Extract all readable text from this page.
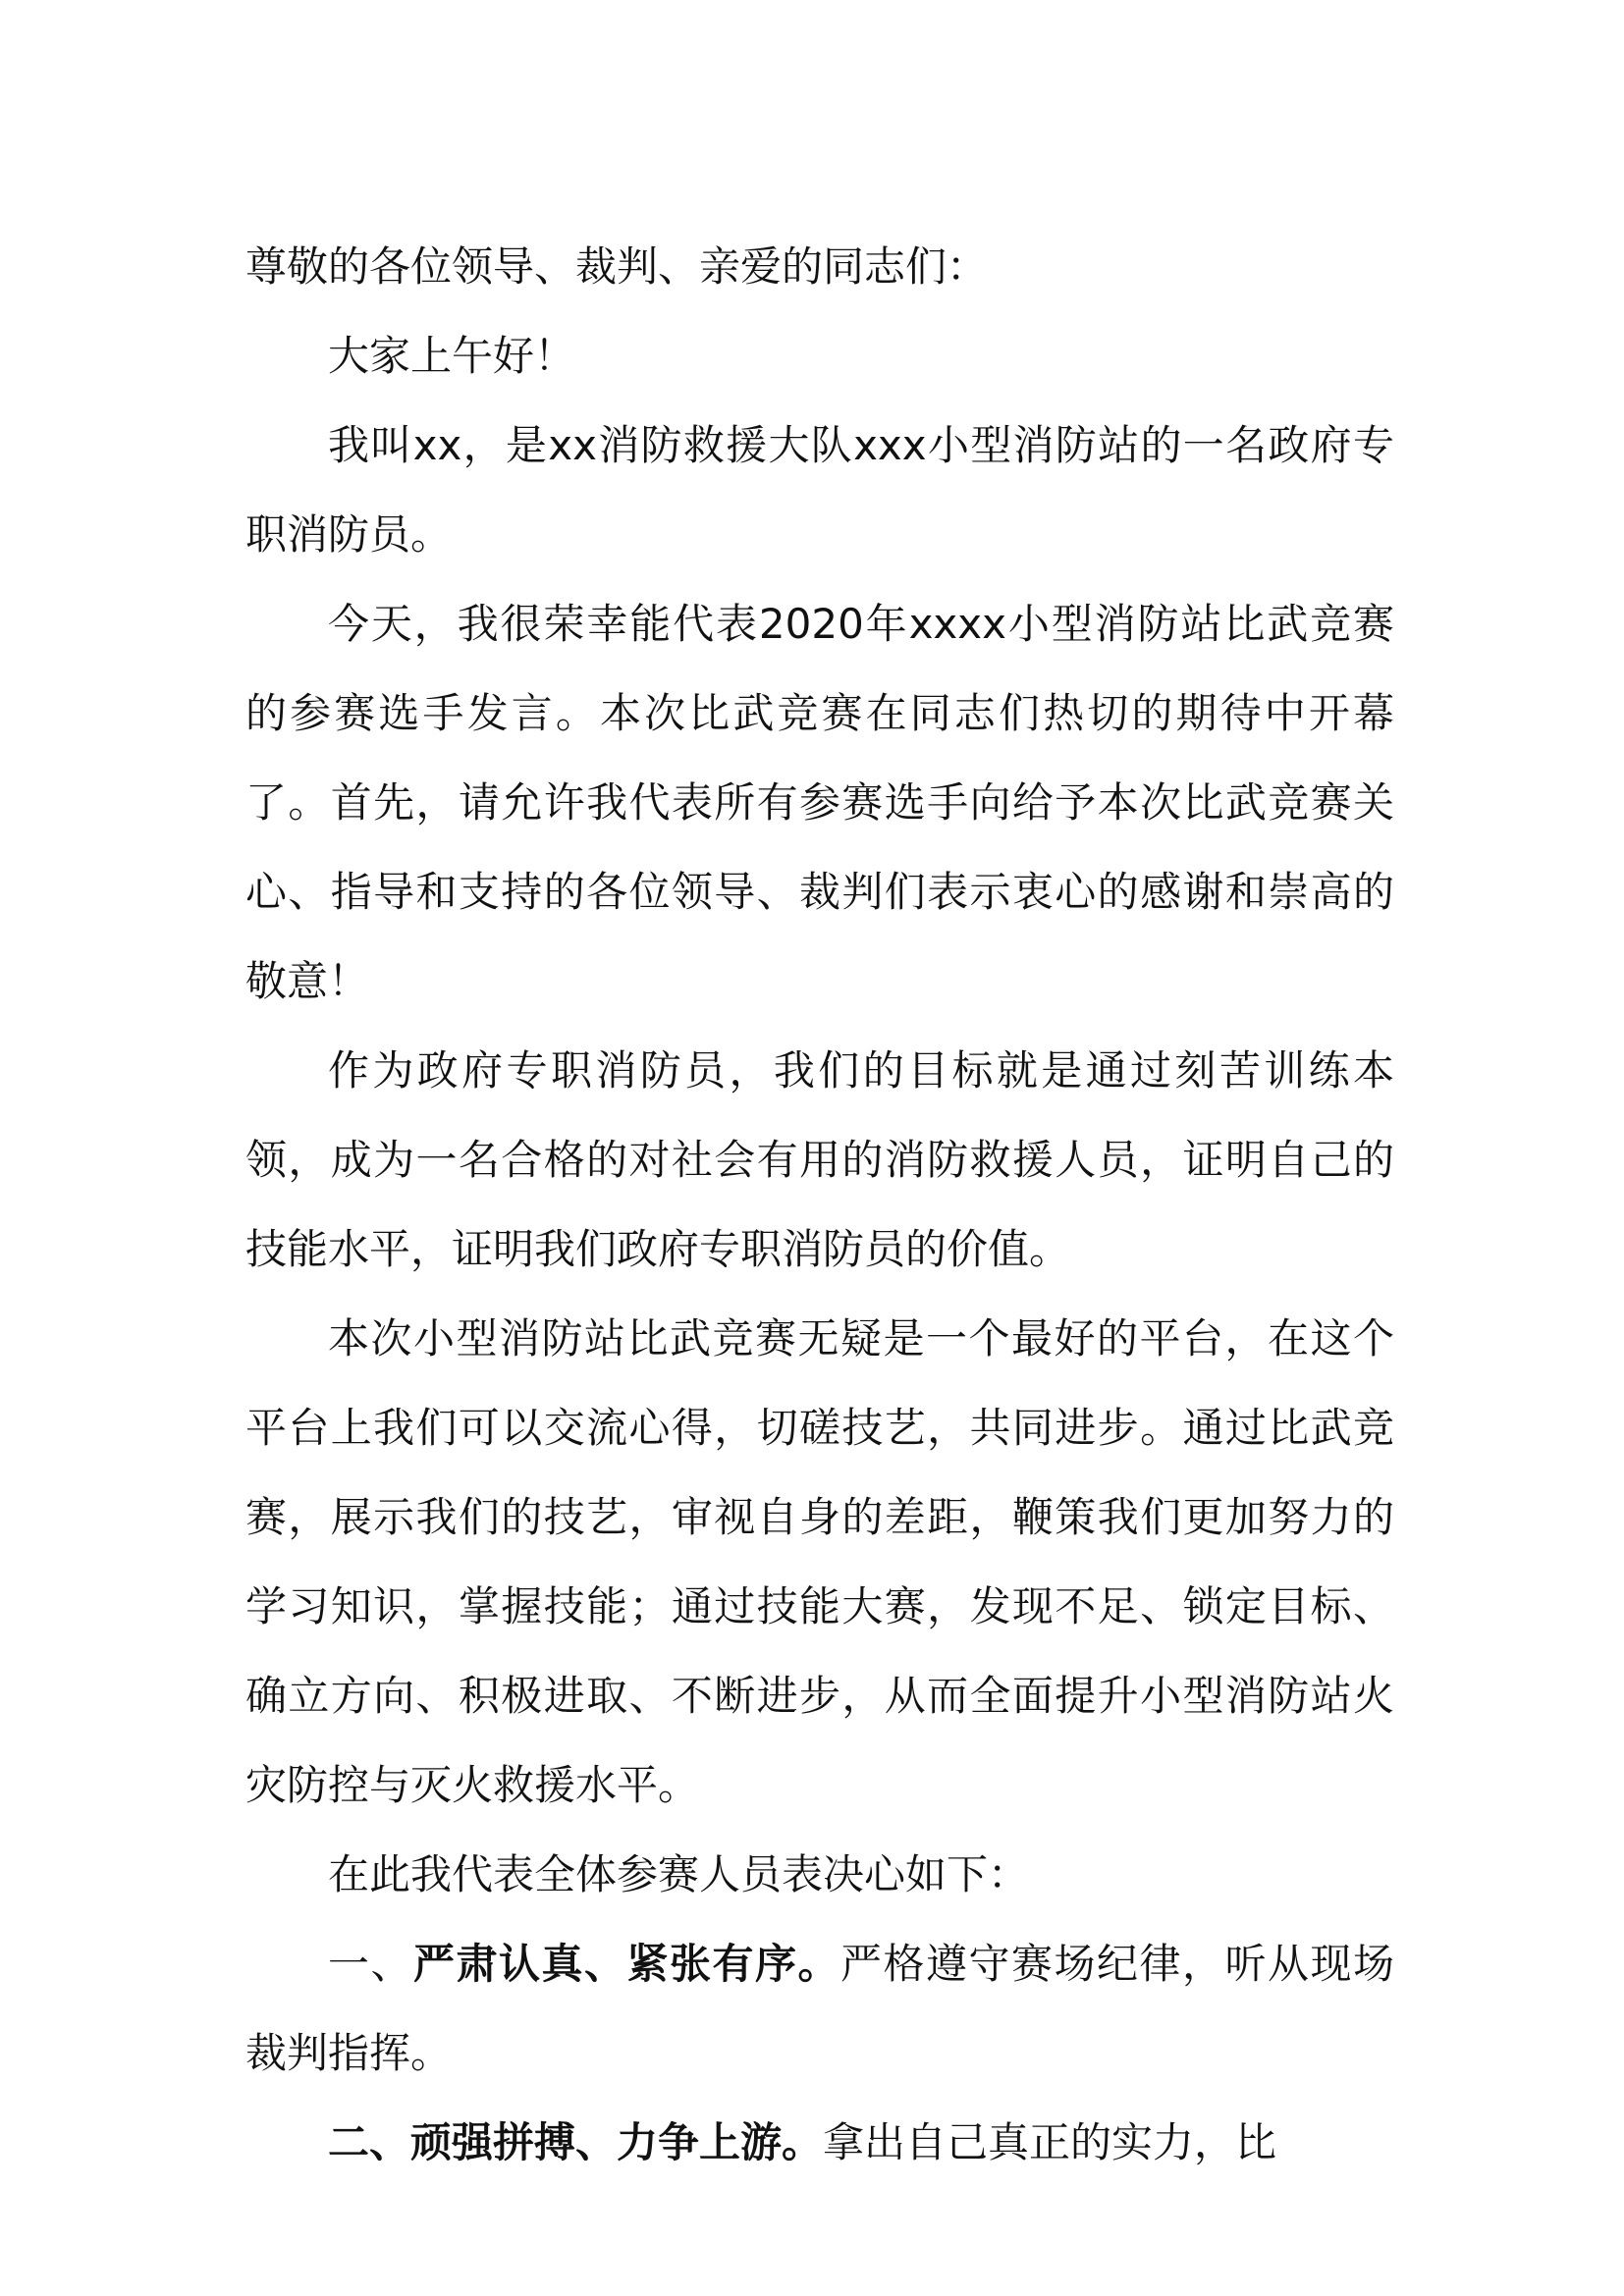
尊敬的各位领导、裁判、亲爱的同志们：

大家上午好！

我叫xx，是xx消防救援大队xxx小型消防站的一名政府专职消防员。

今天，我很荣幸能代表2020年xxxx小型消防站比武竞赛的参赛选手发言。本次比武竞赛在同志们热切的期待中开幕了。首先，请允许我代表所有参赛选手向给予本次比武竞赛关心、指导和支持的各位领导、裁判们表示衷心的感谢和崇高的敬意！

作为政府专职消防员，我们的目标就是通过刻苦训练本领，成为一名合格的对社会有用的消防救援人员，证明自己的技能水平，证明我们政府专职消防员的价值。

本次小型消防站比武竞赛无疑是一个最好的平台，在这个平台上我们可以交流心得，切磋技艺，共同进步。通过比武竞赛，展示我们的技艺，审视自身的差距，鞭策我们更加努力的学习知识，掌握技能；通过技能大赛，发现不足、锁定目标、确立方向、积极进取、不断进步，从而全面提升小型消防站火灾防控与灭火救援水平。

在此我代表全体参赛人员表决心如下：

一、严肃认真、紧张有序。严格遵守赛场纪律，听从现场裁判指挥。

二、顽强拼搏、力争上游。拿出自己真正的实力，比
